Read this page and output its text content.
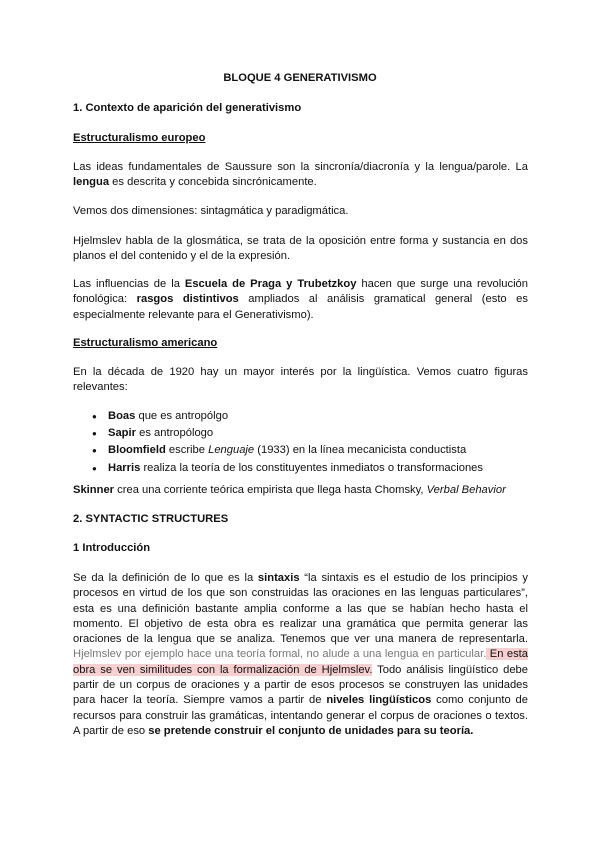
BLOQUE 4 GENERATIVISMO
1. Contexto de aparición del generativismo
Estructuralismo europeo
Las ideas fundamentales de Saussure son la sincronía/diacronía y la lengua/parole. La
lengua es descrita y concebida sincrónicamente.
Vemos dos dimensiones: sintagmática y paradigmática.
Hjelmslev habla de la glosmática, se trata de la oposición entre forma y sustancia en dos
planos el del contenido y el de la expresión.
Las influencias de la Escuela de Praga y Trubetzkoy hacen que surge una revolución
fonológica: rasgos distintivos ampliados al análisis gramatical general (esto es
especialmente relevante para el Generativismo).
Estructuralismo americano
En la década de 1920 hay un mayor interés por la lingüística. Vemos cuatro figuras
relevantes:
● Boas que es antropólgo
● Sapir es antropólogo
● Bloomfield escribe Lenguaje (1933) en la línea mecanicista conductista
● Harris realiza la teoría de los constituyentes inmediatos o transformaciones
Skinner crea una corriente teórica empirista que llega hasta Chomsky, Verbal Behavior
2. SYNTACTIC STRUCTURES
1 Introducción
Se da la definición de lo que es la sintaxis “la sintaxis es el estudio de los principios y
procesos en virtud de los que son construidas las oraciones en las lenguas particulares”,
esta es una definición bastante amplia conforme a las que se habían hecho hasta el
momento. El objetivo de esta obra es realizar una gramática que permita generar las
oraciones de la lengua que se analiza. Tenemos que ver una manera de representarla.
Hjelmslev por ejemplo hace una teoría formal, no alude a una lengua en particular. En esta
obra se ven similitudes con la formalización de Hjelmslev. Todo análisis lingüístico debe
partir de un corpus de oraciones y a partir de esos procesos se construyen las unidades
para hacer la teoría. Siempre vamos a partir de niveles lingüísticos como conjunto de
recursos para construir las gramáticas, intentando generar el corpus de oraciones o textos.
A partir de eso se pretende construir el conjunto de unidades para su teoría.
